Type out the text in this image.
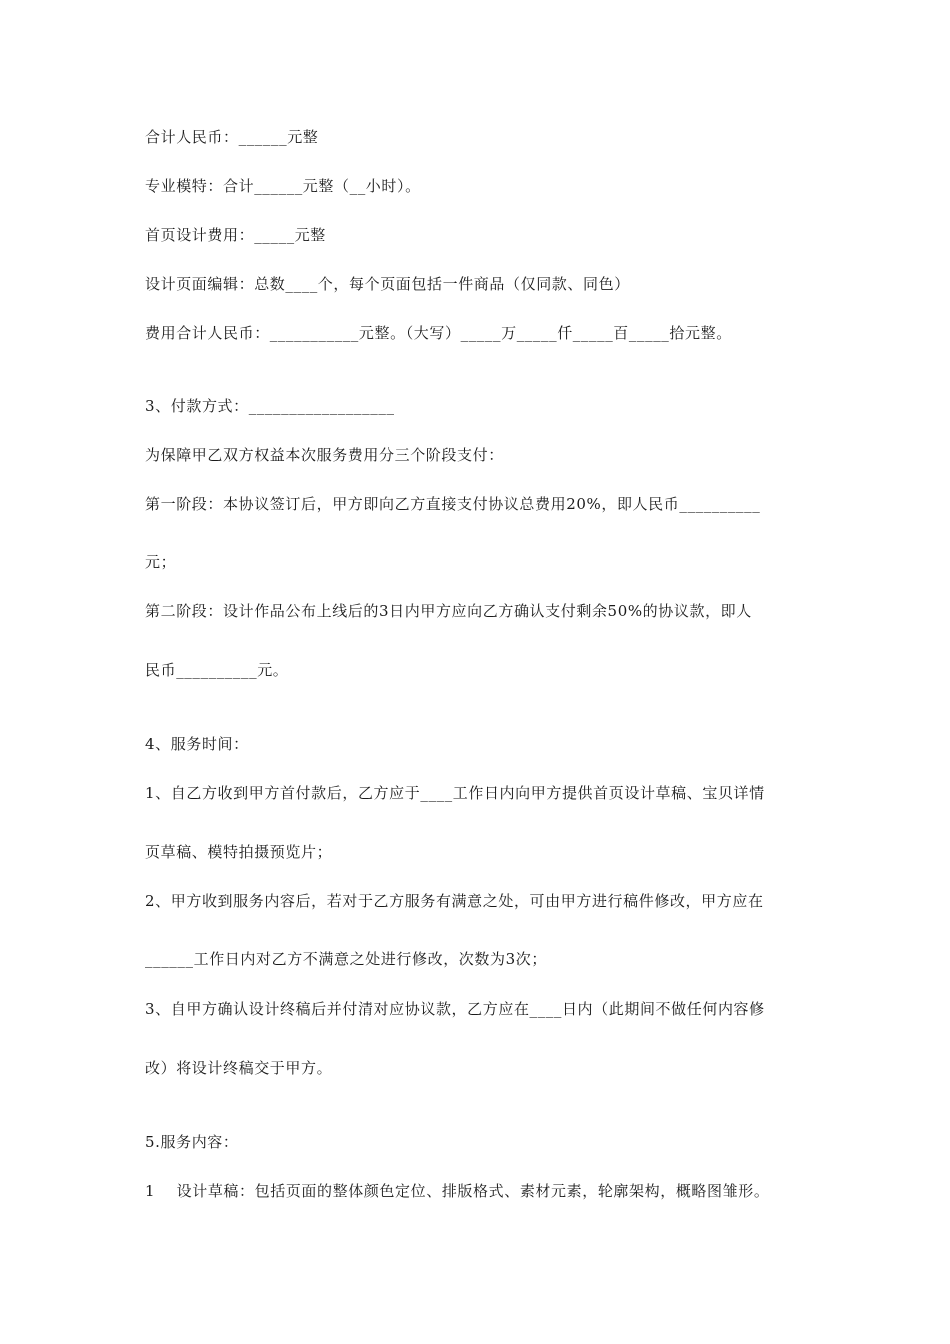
合计人民币：______元整
专业模特：合计______元整（__小时）。
首页设计费用：_____元整
设计页面编辑：总数____个，每个页面包括一件商品（仅同款、同色）
费用合计人民币：___________元整。（大写）_____万_____仟_____百_____拾元整。
3、付款方式：__________________
为保障甲乙双方权益本次服务费用分三个阶段支付：
第一阶段：本协议签订后，甲方即向乙方直接支付协议总费用20%，即人民币__________
元；
第二阶段：设计作品公布上线后的3日内甲方应向乙方确认支付剩余50%的协议款，即人
民币__________元。
4、服务时间：
1、自乙方收到甲方首付款后，乙方应于____工作日内向甲方提供首页设计草稿、宝贝详情
页草稿、模特拍摄预览片；
2、甲方收到服务内容后，若对于乙方服务有满意之处，可由甲方进行稿件修改，甲方应在
______工作日内对乙方不满意之处进行修改，次数为3次；
3、自甲方确认设计终稿后并付清对应协议款，乙方应在____日内（此期间不做任何内容修
改）将设计终稿交于甲方。
5.服务内容：
1    设计草稿：包括页面的整体颜色定位、排版格式、素材元素，轮廓架构，概略图雏形。
